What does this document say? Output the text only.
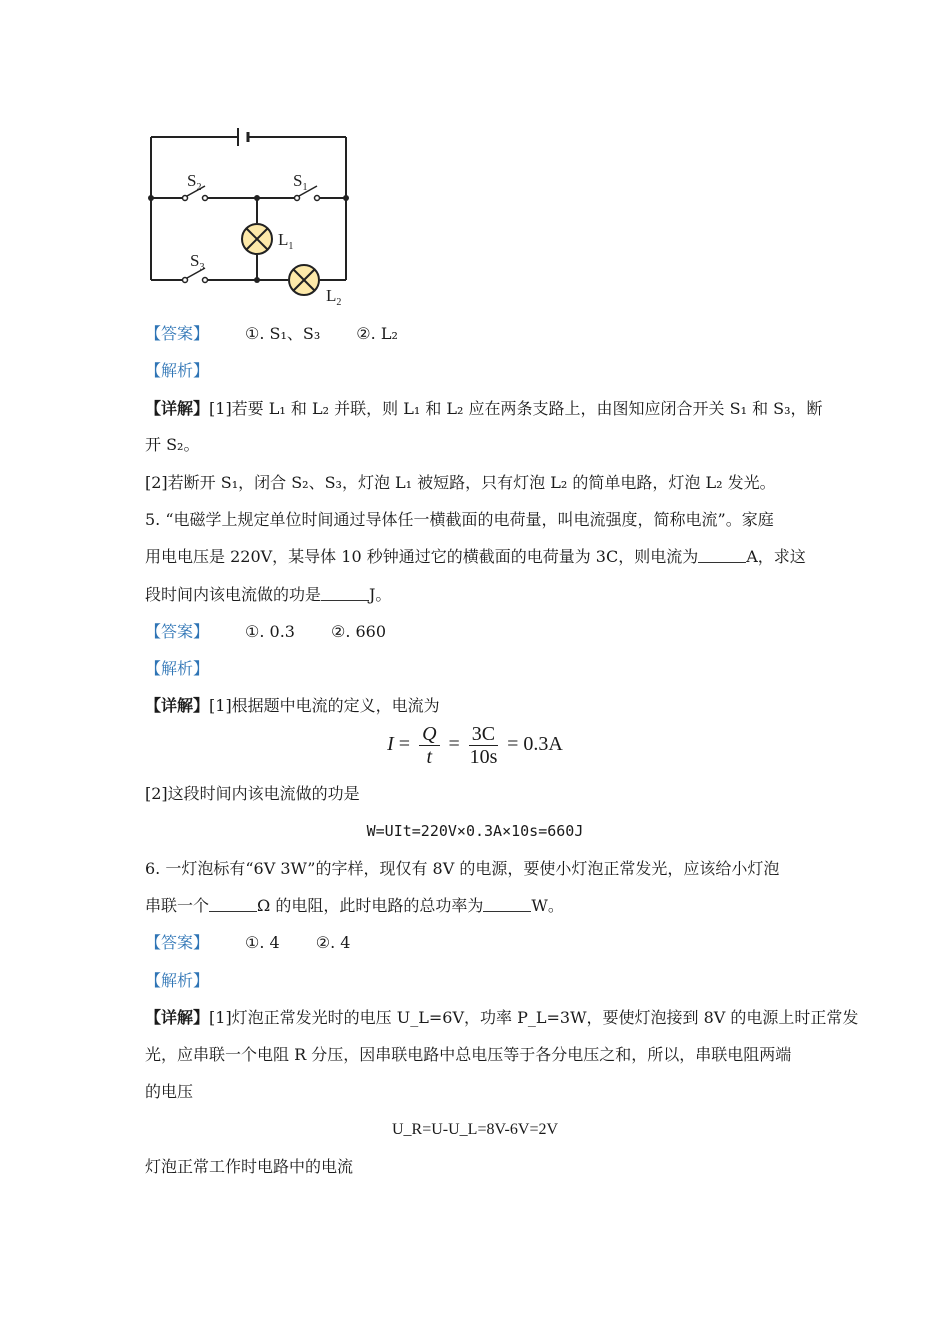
$S_2$	$S_1$
$S_3$
$L_1$
$L_2$
【答案】 ①. S₁、S₃ ②. L₂
【解析】
【详解】[1]若要 L₁ 和 L₂ 并联，则 L₁ 和 L₂ 应在两条支路上，由图知应闭合开关 S₁ 和 S₃，断
开 S₂。
[2]若断开 S₁，闭合 S₂、S₃，灯泡 L₁ 被短路，只有灯泡 L₂ 的简单电路，灯泡 L₂ 发光。
5. “电磁学上规定单位时间通过导体任一横截面的电荷量，叫电流强度，简称电流”。家庭
用电电压是 220V，某导体 10 秒钟通过它的横截面的电荷量为 3C，则电流为	A，求这
段时间内该电流做的功是	J。
【答案】 ①. 0.3 ②. 660
【解析】
【详解】[1]根据题中电流的定义，电流为
$I = \frac{Q}{t} = \frac{3C}{10s} = 0.3A$
[2]这段时间内该电流做的功是
W=UIt=220V×0.3A×10s=660J
6. 一灯泡标有“6V 3W”的字样，现仅有 8V 的电源，要使小灯泡正常发光，应该给小灯泡
串联一个	Ω 的电阻，此时电路的总功率为	W。
【答案】 ①. 4 ②. 4
【解析】
【详解】[1]灯泡正常发光时的电压 U_L=6V，功率 P_L=3W，要使灯泡接到 8V 的电源上时正常发
光，应串联一个电阻 R 分压，因串联电路中总电压等于各分电压之和，所以，串联电阻两端
的电压
U_R=U-U_L=8V-6V=2V
灯泡正常工作时电路中的电流
